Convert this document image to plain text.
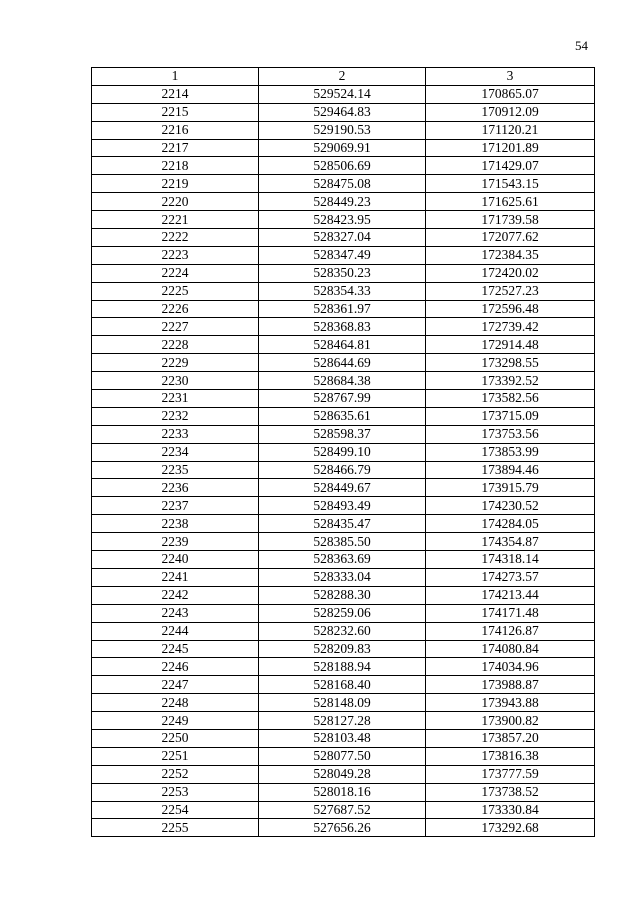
54
1	2	3
2214	529524.14	170865.07
2215	529464.83	170912.09
2216	529190.53	171120.21
2217	529069.91	171201.89
2218	528506.69	171429.07
2219	528475.08	171543.15
2220	528449.23	171625.61
2221	528423.95	171739.58
2222	528327.04	172077.62
2223	528347.49	172384.35
2224	528350.23	172420.02
2225	528354.33	172527.23
2226	528361.97	172596.48
2227	528368.83	172739.42
2228	528464.81	172914.48
2229	528644.69	173298.55
2230	528684.38	173392.52
2231	528767.99	173582.56
2232	528635.61	173715.09
2233	528598.37	173753.56
2234	528499.10	173853.99
2235	528466.79	173894.46
2236	528449.67	173915.79
2237	528493.49	174230.52
2238	528435.47	174284.05
2239	528385.50	174354.87
2240	528363.69	174318.14
2241	528333.04	174273.57
2242	528288.30	174213.44
2243	528259.06	174171.48
2244	528232.60	174126.87
2245	528209.83	174080.84
2246	528188.94	174034.96
2247	528168.40	173988.87
2248	528148.09	173943.88
2249	528127.28	173900.82
2250	528103.48	173857.20
2251	528077.50	173816.38
2252	528049.28	173777.59
2253	528018.16	173738.52
2254	527687.52	173330.84
2255	527656.26	173292.68
